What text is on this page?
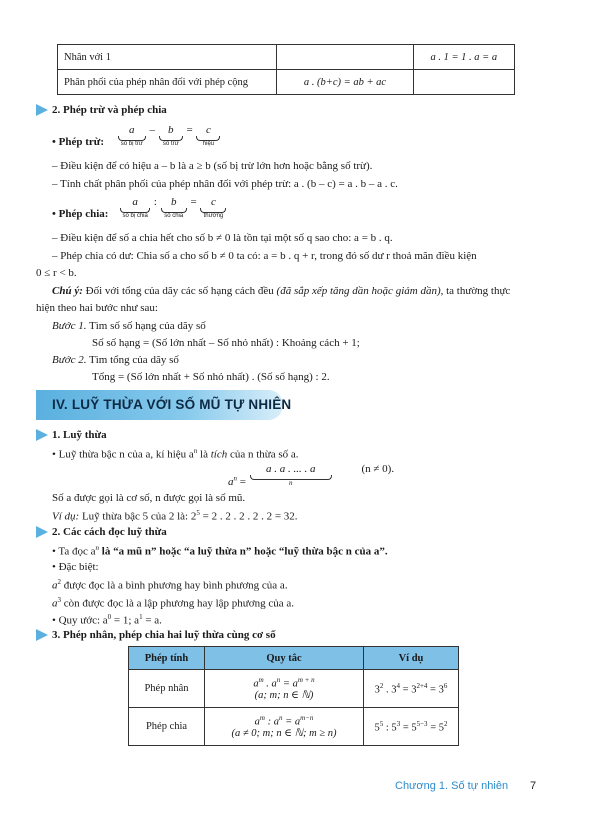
Nhân với 1		a . 1 = 1 . a = a
Phân phối của phép nhân đối với phép cộng	a . (b+c) = ab + ac	
2. Phép trừ và phép chia
• Phép trừ:
a
số bị trừ
–	b
số trừ
=	c
hiệu
– Điều kiện để có hiệu a – b là a ≥ b (số bị trừ lớn hơn hoặc bằng số trừ).
– Tính chất phân phối của phép nhân đối với phép trừ: a . (b – c) = a . b – a . c.
• Phép chia:
a
số bị chia
:	b
số chia
=	c
thương
– Điều kiện để số a chia hết cho số b ≠ 0 là tồn tại một số q sao cho: a = b . q.
– Phép chia có dư: Chia số a cho số b ≠ 0 ta có: a = b . q + r, trong đó số dư r thoả mãn điều kiện
0 ≤ r < b.
Chú ý: Đối với tổng của dãy các số hạng cách đều (đã sắp xếp tăng dần hoặc giảm dần), ta thường thực
hiện theo hai bước như sau:
Bước 1. Tìm số số hạng của dãy số
Số số hạng = (Số lớn nhất – Số nhỏ nhất) : Khoảng cách + 1;
Bước 2. Tìm tổng của dãy số
Tổng = (Số lớn nhất + Số nhỏ nhất) . (Số số hạng) : 2.
IV. LUỸ THỪA VỚI SỐ MŨ TỰ NHIÊN
1. Luỹ thừa
• Luỹ thừa bậc n của a, kí hiệu $a^n$ là tích của n thừa số a.
$a^n$ =
a . a . ... . a
n
(n ≠ 0).
Số a được gọi là cơ số, n được gọi là số mũ.
Ví dụ: Luỹ thừa bậc 5 của 2 là: $2^5 = 2$ . 2 . 2 . 2 . 2 = 32.
2. Các cách đọc luỹ thừa
• Ta đọc $a^n$ là “a mũ n” hoặc “a luỹ thừa n” hoặc “luỹ thừa bậc n của a”.
• Đặc biệt:
$a^2$ được đọc là a bình phương hay bình phương của a.
$a^3$ còn được đọc là a lập phương hay lập phương của a.
• Quy ước: $a^0 = 1$; $a^1 = a$.
3. Phép nhân, phép chia hai luỹ thừa cùng cơ số
Phép tính	Quy tắc	Ví dụ
Phép nhân	$a^m$ . $a^n = a^{m + n}$
(a; m; n ∈ ℕ)	$3^2$ . $3^4 = 3^{2+4} = 3^6$
Phép chia	$a^m$ : $a^n = a^{m-n}$
(a ≠ 0; m; n ∈ ℕ; m ≥ n)	$5^5$ : $5^3 = 5^{5-3} = 5^2$
Chương 1. Số tự nhiên 7
